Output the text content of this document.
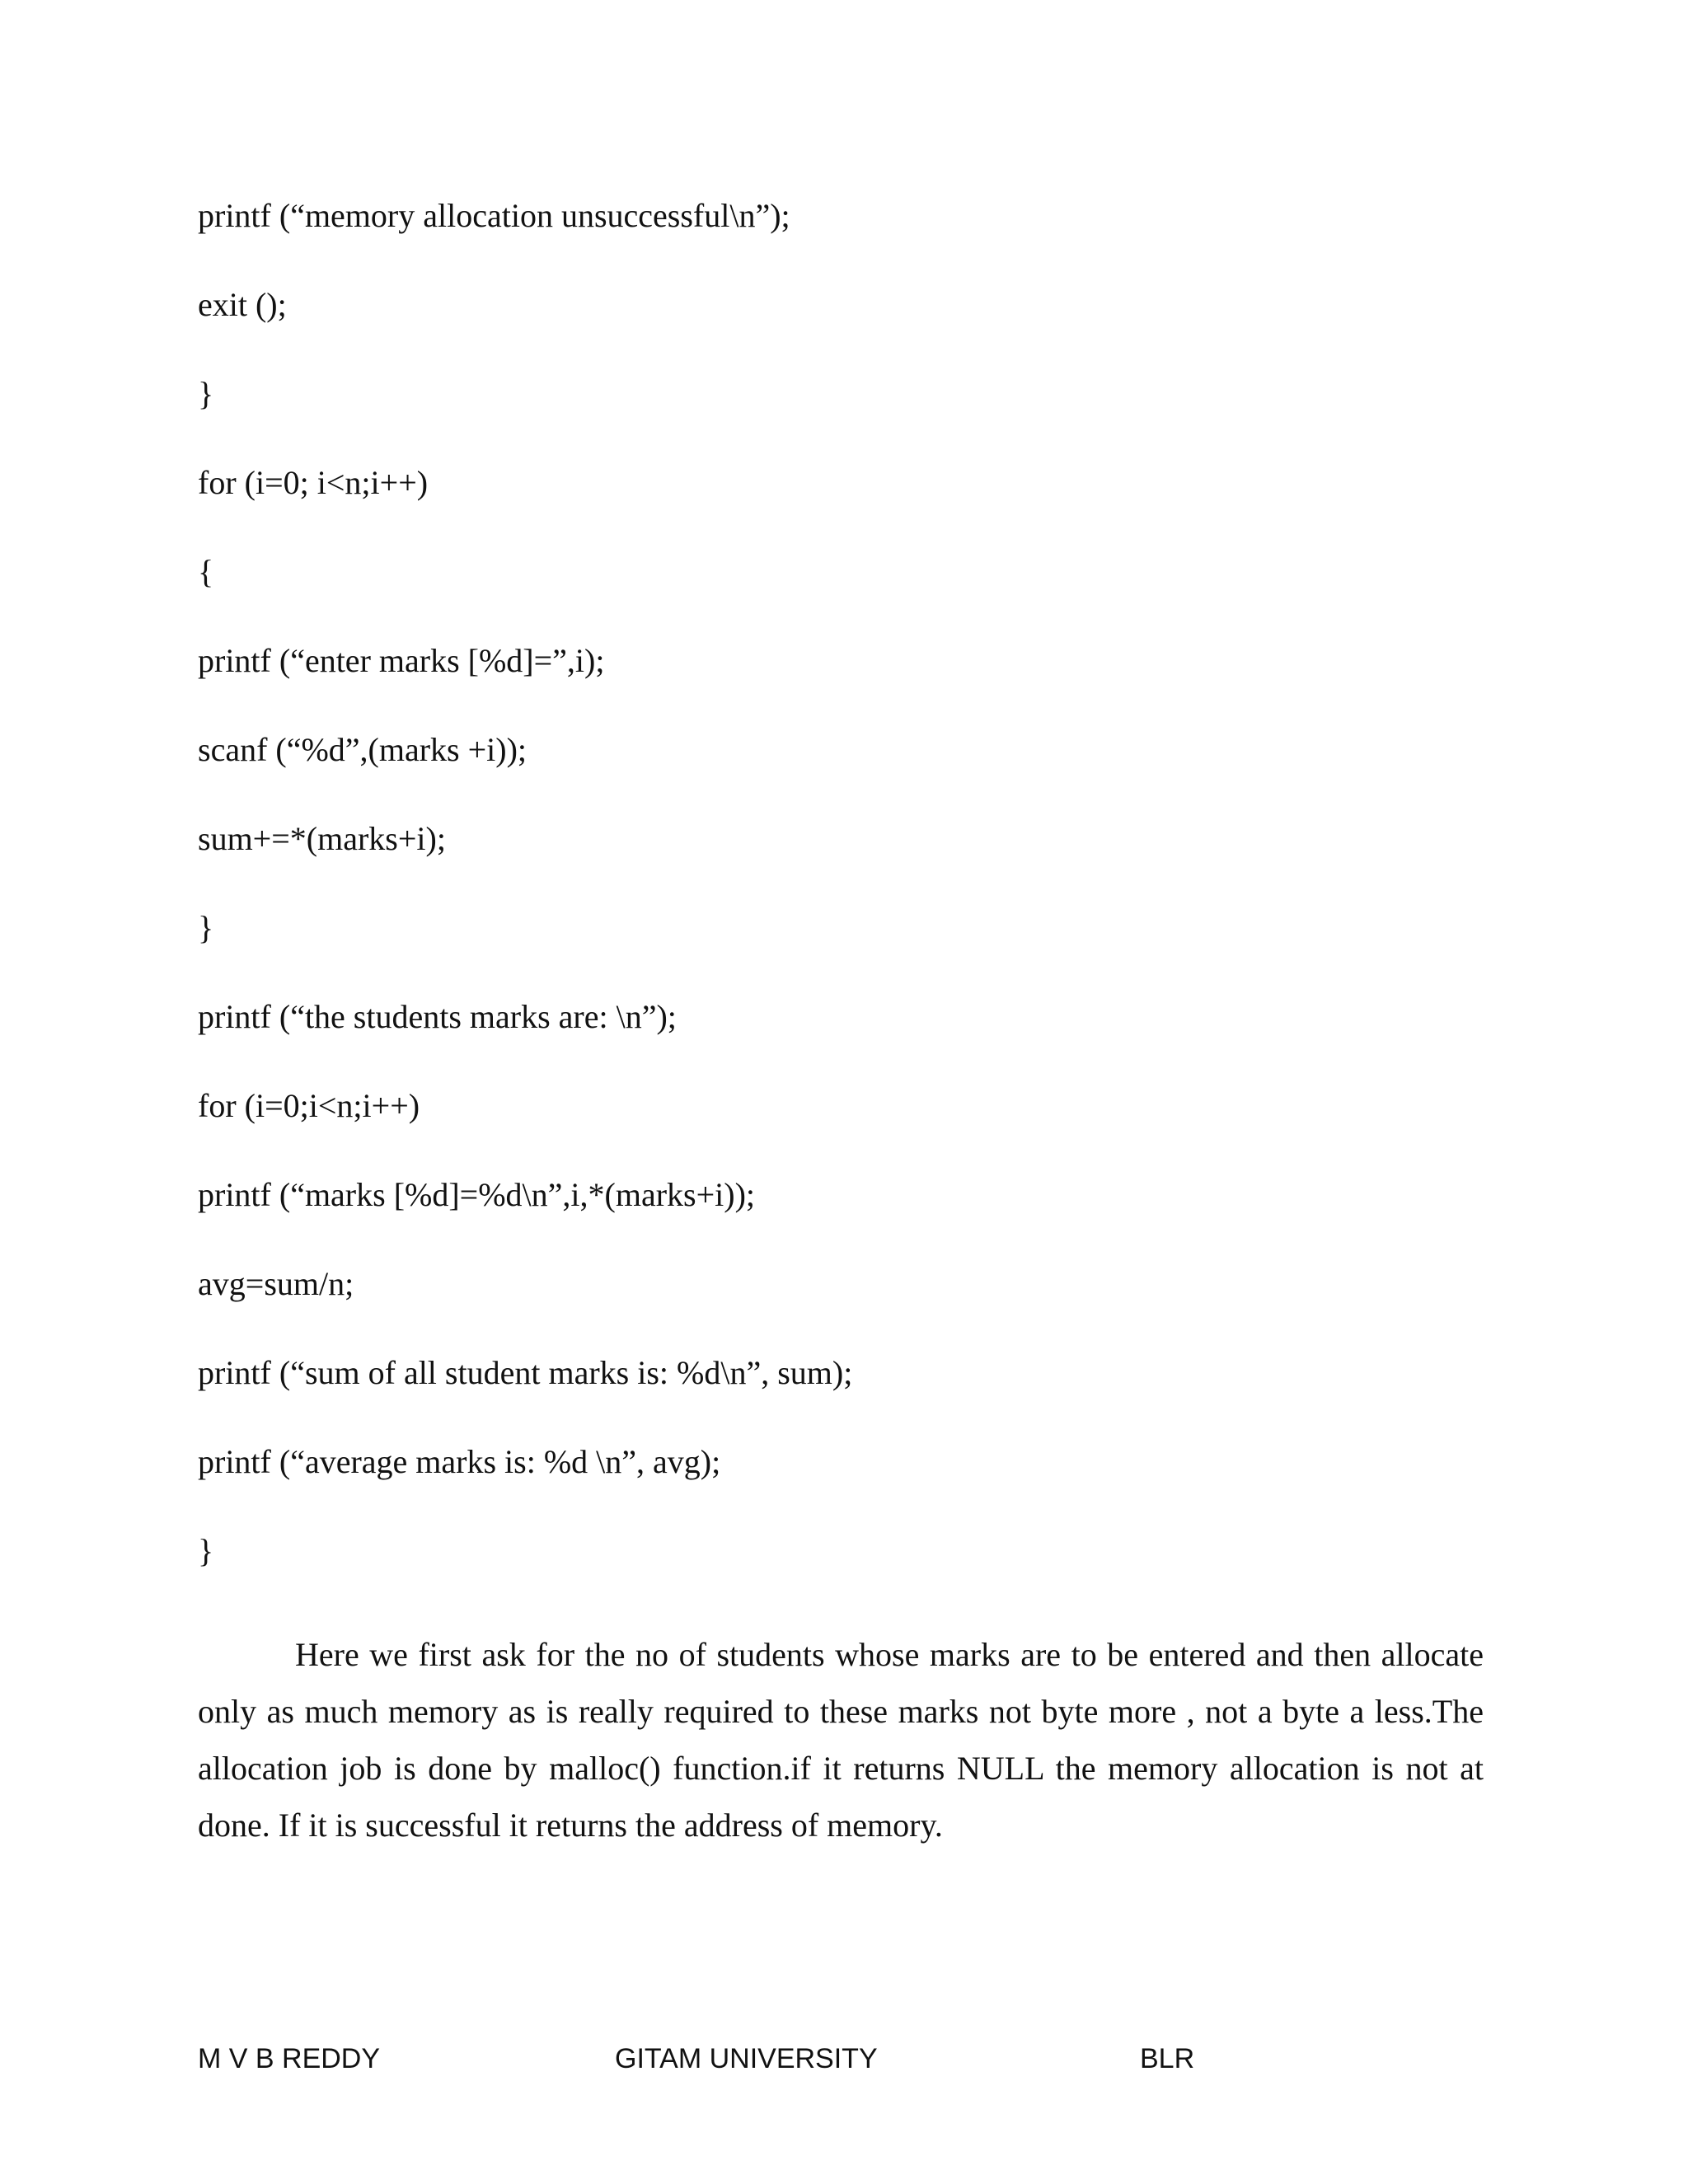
printf (“memory allocation unsuccessful\n”);

exit ();

}

for (i=0; i<n;i++)

{

printf (“enter marks [%d]=”,i);

scanf (“%d”,(marks +i));

sum+=*(marks+i);

}

printf (“the students marks are: \n”);

for (i=0;i<n;i++)

printf (“marks [%d]=%d\n”,i,*(marks+i));

avg=sum/n;

printf (“sum of all student marks is: %d\n”, sum);

printf (“average marks is: %d \n”, avg);

}

Here we first ask for the no of students whose marks are to be entered and then allocate only as much memory as is really required to these marks not byte more , not a byte a less.The allocation job is done by malloc() function.if it returns NULL the memory allocation is not at done. If it is successful it returns the address of memory.

M V B REDDY	GITAM UNIVERSITY	BLR
